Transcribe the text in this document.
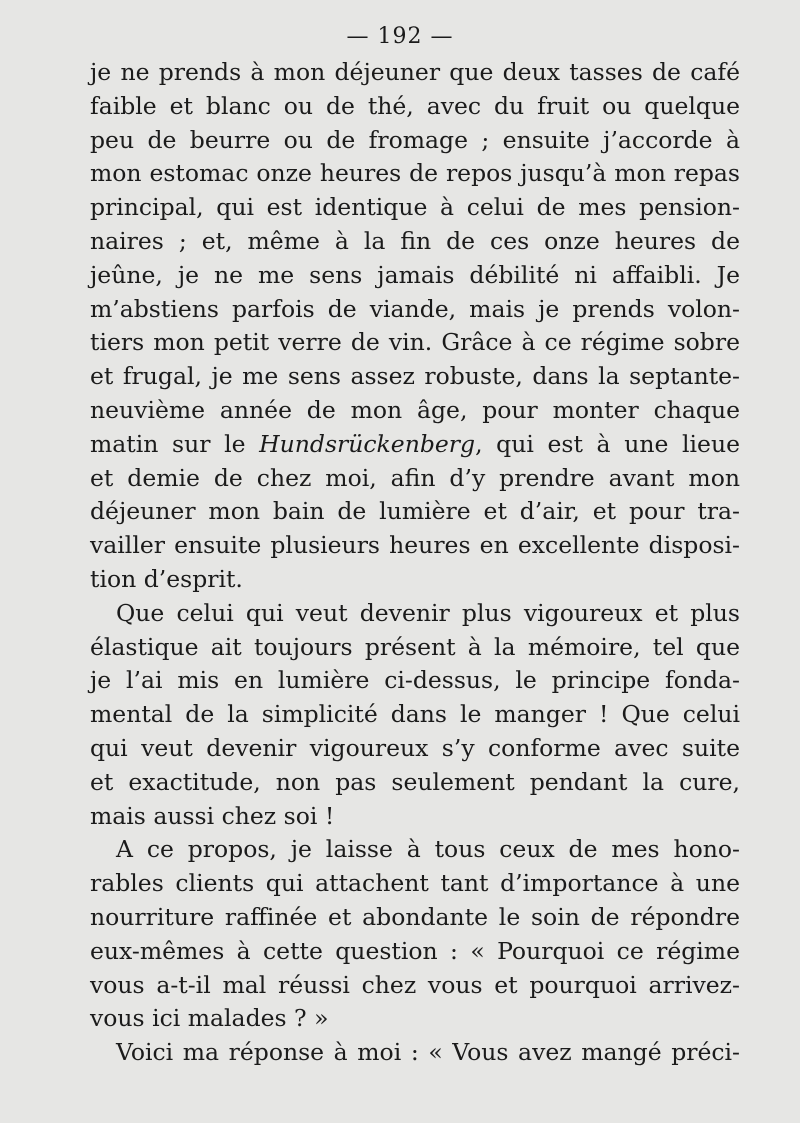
— 192 —
je ne prends à mon déjeuner que deux tasses de café
faible et blanc ou de thé, avec du fruit ou quelque
peu de beurre ou de fromage ; ensuite j’accorde à
mon estomac onze heures de repos jusqu’à mon repas
principal, qui est identique à celui de mes pension-
naires ; et, même à la fin de ces onze heures de
jeûne, je ne me sens jamais débilité ni affaibli. Je
m’abstiens parfois de viande, mais je prends volon-
tiers mon petit verre de vin. Grâce à ce régime sobre
et frugal, je me sens assez robuste, dans la septante-
neuvième année de mon âge, pour monter chaque
matin sur le Hundsrückenberg, qui est à une lieue
et demie de chez moi, afin d’y prendre avant mon
déjeuner mon bain de lumière et d’air, et pour tra-
vailler ensuite plusieurs heures en excellente disposi-
tion d’esprit.
Que celui qui veut devenir plus vigoureux et plus
élastique ait toujours présent à la mémoire, tel que
je l’ai mis en lumière ci-dessus, le principe fonda-
mental de la simplicité dans le manger ! Que celui
qui veut devenir vigoureux s’y conforme avec suite
et exactitude, non pas seulement pendant la cure,
mais aussi chez soi !
A ce propos, je laisse à tous ceux de mes hono-
rables clients qui attachent tant d’importance à une
nourriture raffinée et abondante le soin de répondre
eux-mêmes à cette question : « Pourquoi ce régime
vous a-t-il mal réussi chez vous et pourquoi arrivez-
vous ici malades ? »
Voici ma réponse à moi : « Vous avez mangé préci-
